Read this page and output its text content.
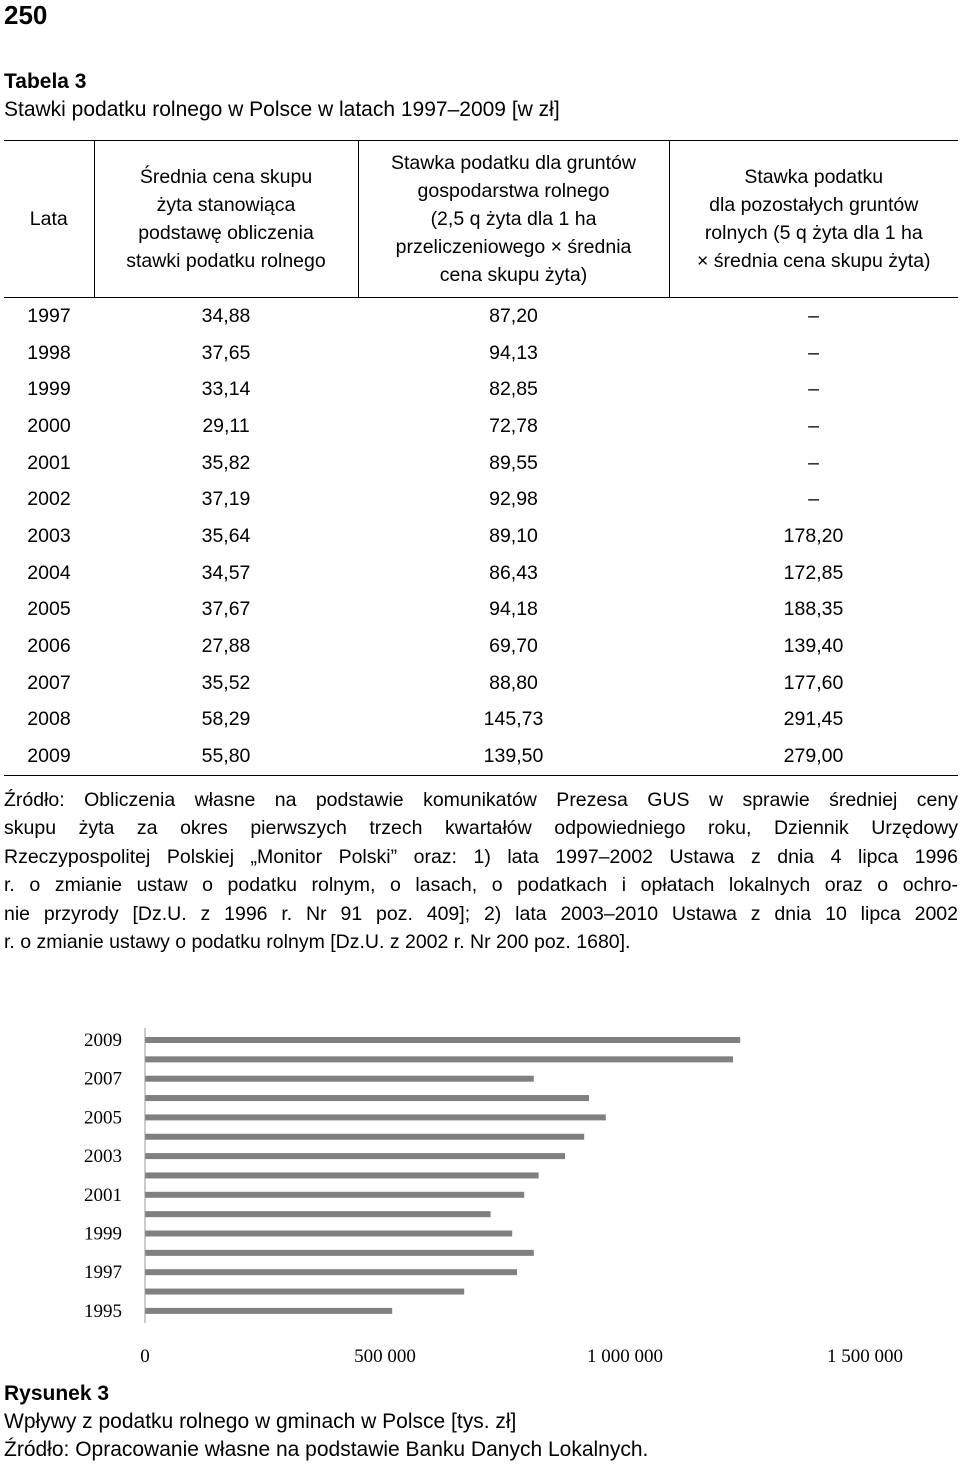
250
Tabela 3
Stawki podatku rolnego w Polsce w latach 1997–2009 [w zł]
Lata	Średnia cena skupu
żyta stanowiąca
podstawę obliczenia
stawki podatku rolnego	Stawka podatku dla gruntów
gospodarstwa rolnego
(2,5 q żyta dla 1 ha
przeliczeniowego × średnia
cena skupu żyta)	Stawka podatku
dla pozostałych gruntów
rolnych (5 q żyta dla 1 ha
× średnia cena skupu żyta)
1997	34,88	87,20	–
1998	37,65	94,13	–
1999	33,14	82,85	–
2000	29,11	72,78	–
2001	35,82	89,55	–
2002	37,19	92,98	–
2003	35,64	89,10	178,20
2004	34,57	86,43	172,85
2005	37,67	94,18	188,35
2006	27,88	69,70	139,40
2007	35,52	88,80	177,60
2008	58,29	145,73	291,45
2009	55,80	139,50	279,00
Źródło: Obliczenia własne na podstawie komunikatów Prezesa GUS w sprawie średniej ceny
skupu żyta za okres pierwszych trzech kwartałów odpowiedniego roku, Dziennik Urzędowy
Rzeczypospolitej Polskiej „Monitor Polski” oraz: 1) lata 1997–2002 Ustawa z dnia 4 lipca 1996
r. o zmianie ustaw o podatku rolnym, o lasach, o podatkach i opłatach lokalnych oraz o ochro-
nie przyrody [Dz.U. z 1996 r. Nr 91 poz. 409]; 2) lata 2003–2010 Ustawa z dnia 10 lipca 2002
r. o zmianie ustawy o podatku rolnym [Dz.U. z 2002 r. Nr 200 poz. 1680].
2009
2007
2005
2003
2001
1999
1997
1995
0	500 000	1 000 000	1 500 000
Rysunek 3
Wpływy z podatku rolnego w gminach w Polsce [tys. zł]
Źródło: Opracowanie własne na podstawie Banku Danych Lokalnych.
